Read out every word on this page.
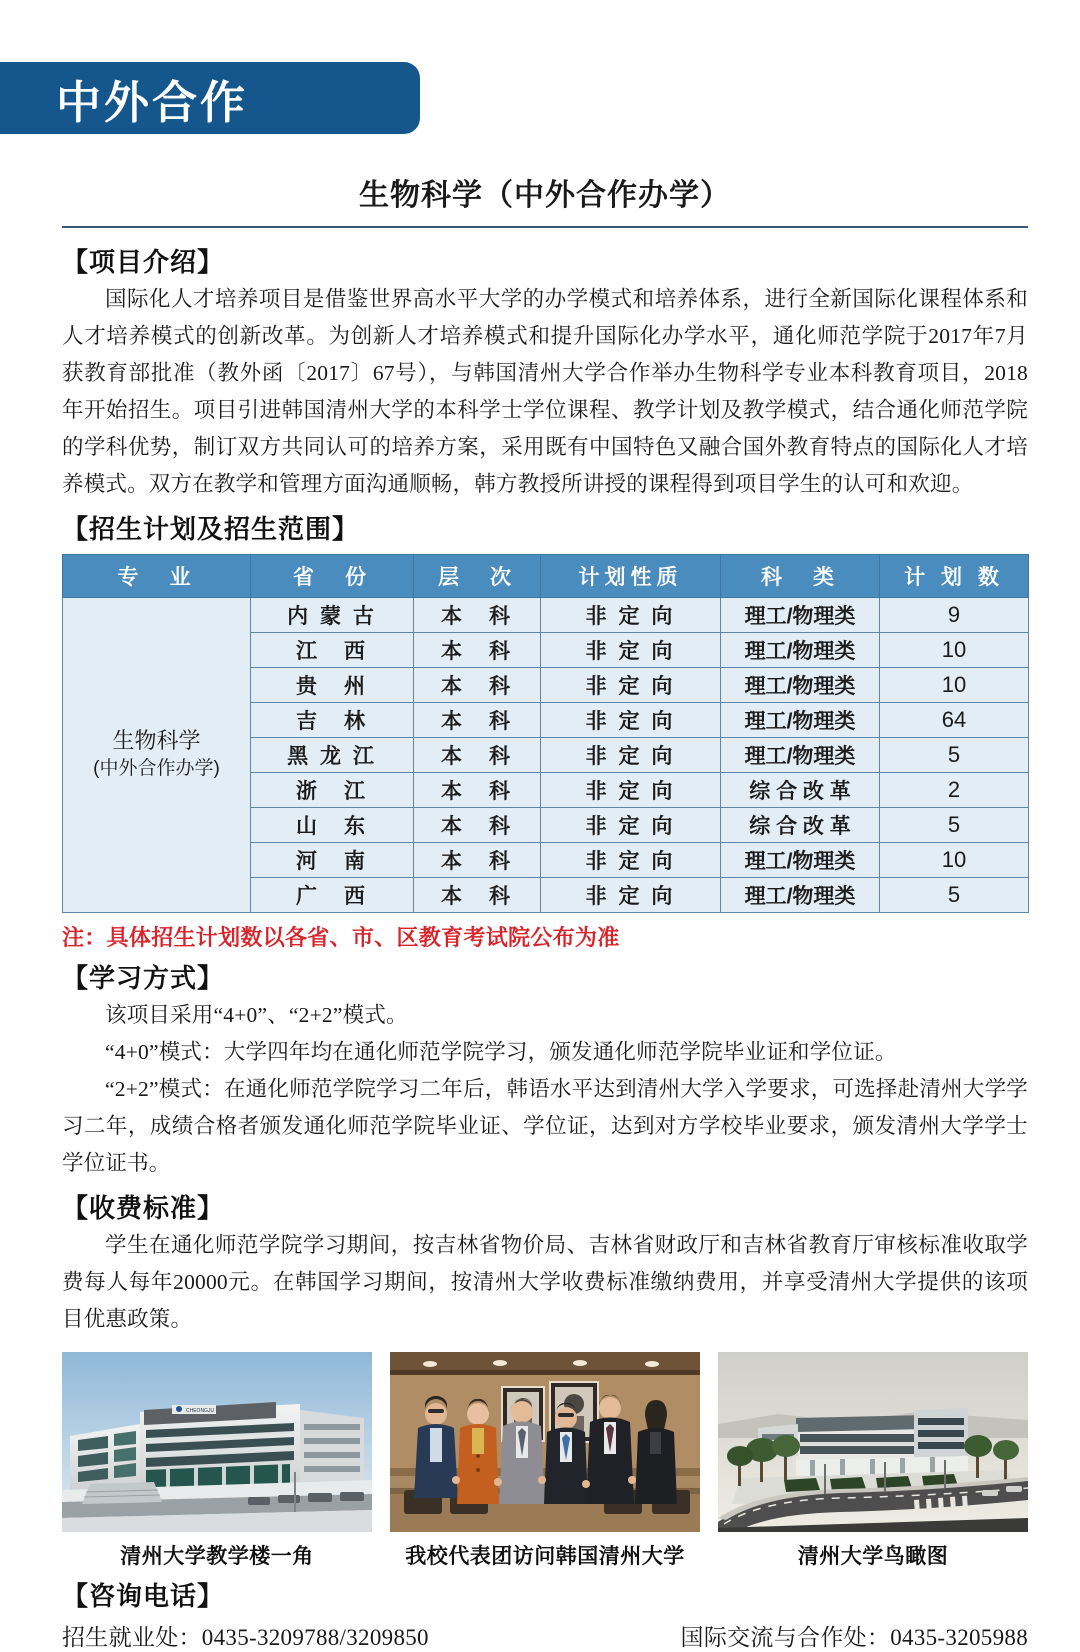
中外合作
生物科学（中外合作办学）
【项目介绍】

国际化人才培养项目是借鉴世界高水平大学的办学模式和培养体系，进行全新国际化课程体系和人才培养模式的创新改革。为创新人才培养模式和提升国际化办学水平，通化师范学院于2017年7月获教育部批准（教外函〔2017〕67号），与韩国清州大学合作举办生物科学专业本科教育项目，2018年开始招生。项目引进韩国清州大学的本科学士学位课程、教学计划及教学模式，结合通化师范学院的学科优势，制订双方共同认可的培养方案，采用既有中国特色又融合国外教育特点的国际化人才培养模式。双方在教学和管理方面沟通顺畅，韩方教授所讲授的课程得到项目学生的认可和欢迎。

【招生计划及招生范围】
专　业	省　份	层　次	计划性质	科　类	计 划 数

生物科学
(中外合作办学)	内 蒙 古	本　科	非 定 向	理工/物理类	9
	江　西	本　科	非 定 向	理工/物理类	10
	贵　州	本　科	非 定 向	理工/物理类	10
	吉　林	本　科	非 定 向	理工/物理类	64
	黑 龙 江	本　科	非 定 向	理工/物理类	5
	浙　江	本　科	非 定 向	综 合 改 革	2
	山　东	本　科	非 定 向	综 合 改 革	5
	河　南	本　科	非 定 向	理工/物理类	10
	广　西	本　科	非 定 向	理工/物理类	5
注：具体招生计划数以各省、市、区教育考试院公布为准
【学习方式】

该项目采用“4+0”、“2+2”模式。

“4+0”模式：大学四年均在通化师范学院学习，颁发通化师范学院毕业证和学位证。

“2+2”模式：在通化师范学院学习二年后，韩语水平达到清州大学入学要求，可选择赴清州大学学习二年，成绩合格者颁发通化师范学院毕业证、学位证，达到对方学校毕业要求，颁发清州大学学士学位证书。

【收费标准】

学生在通化师范学院学习期间，按吉林省物价局、吉林省财政厅和吉林省教育厅审核标准收取学费每人每年20000元。在韩国学习期间，按清州大学收费标准缴纳费用，并享受清州大学提供的该项目优惠政策。

CHEONGJU
清州大学教学楼一角	我校代表团访问韩国清州大学	清州大学鸟瞰图
【咨询电话】
招生就业处：0435-3209788/3209850	国际交流与合作处：0435-3205988
